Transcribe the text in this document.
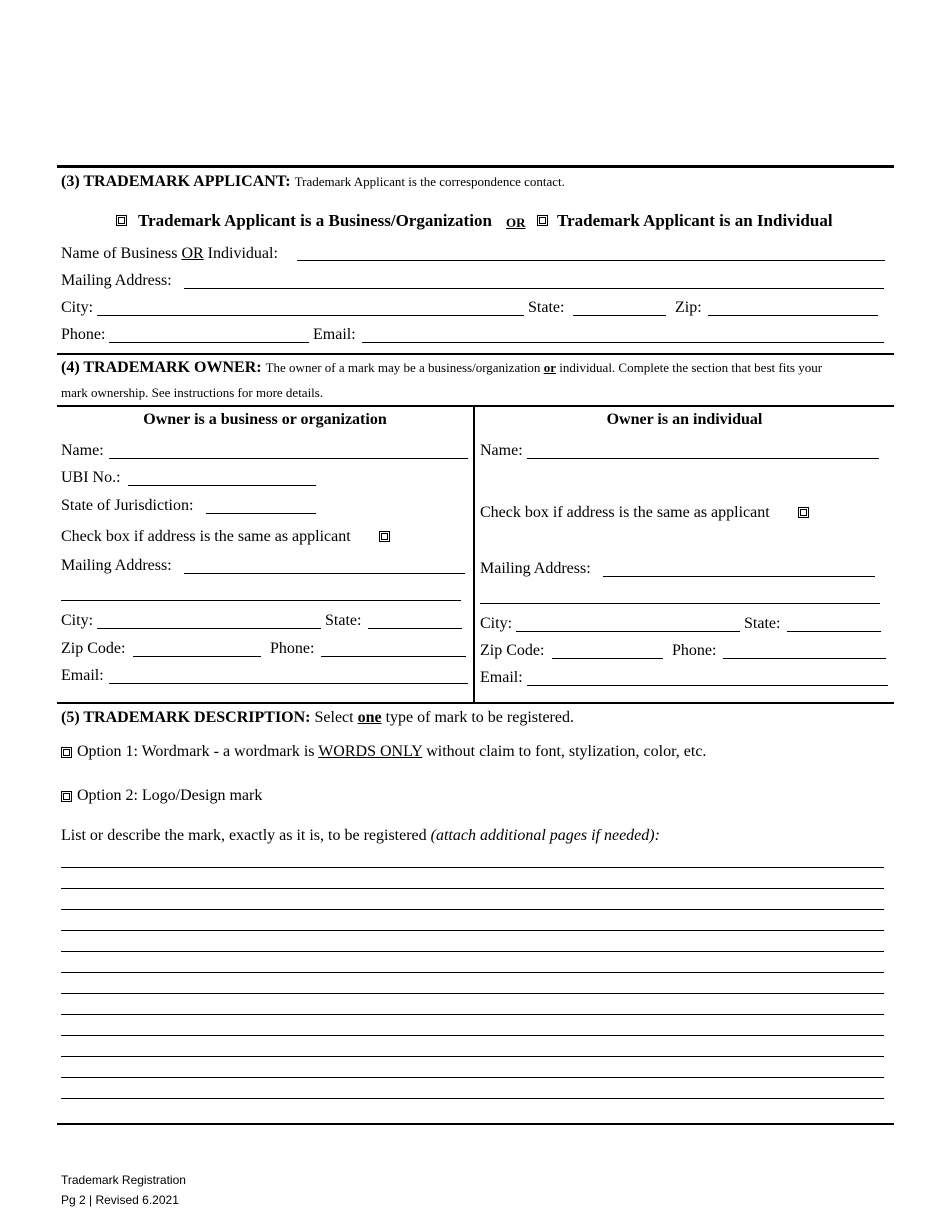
(3) TRADEMARK APPLICANT: Trademark Applicant is the correspondence contact.
Trademark Applicant is a Business/Organization OR Trademark Applicant is an Individual
Name of Business OR Individual:
Mailing Address:
City:	State:	Zip:
Phone:	Email:
(4) TRADEMARK OWNER: The owner of a mark may be a business/organization or individual. Complete the section that best fits your
mark ownership. See instructions for more details.
Owner is a business or organization
Name:
UBI No.:
State of Jurisdiction:
Check box if address is the same as applicant
Mailing Address:
City:	State:
Zip Code:	Phone:
Email:
Owner is an individual
Name:
Check box if address is the same as applicant
Mailing Address:
City:	State:
Zip Code:	Phone:
Email:
(5) TRADEMARK DESCRIPTION: Select one type of mark to be registered.
Option 1: Wordmark - a wordmark is WORDS ONLY without claim to font, stylization, color, etc.
Option 2: Logo/Design mark
List or describe the mark, exactly as it is, to be registered (attach additional pages if needed):
Trademark Registration
Pg 2 | Revised 6.2021
